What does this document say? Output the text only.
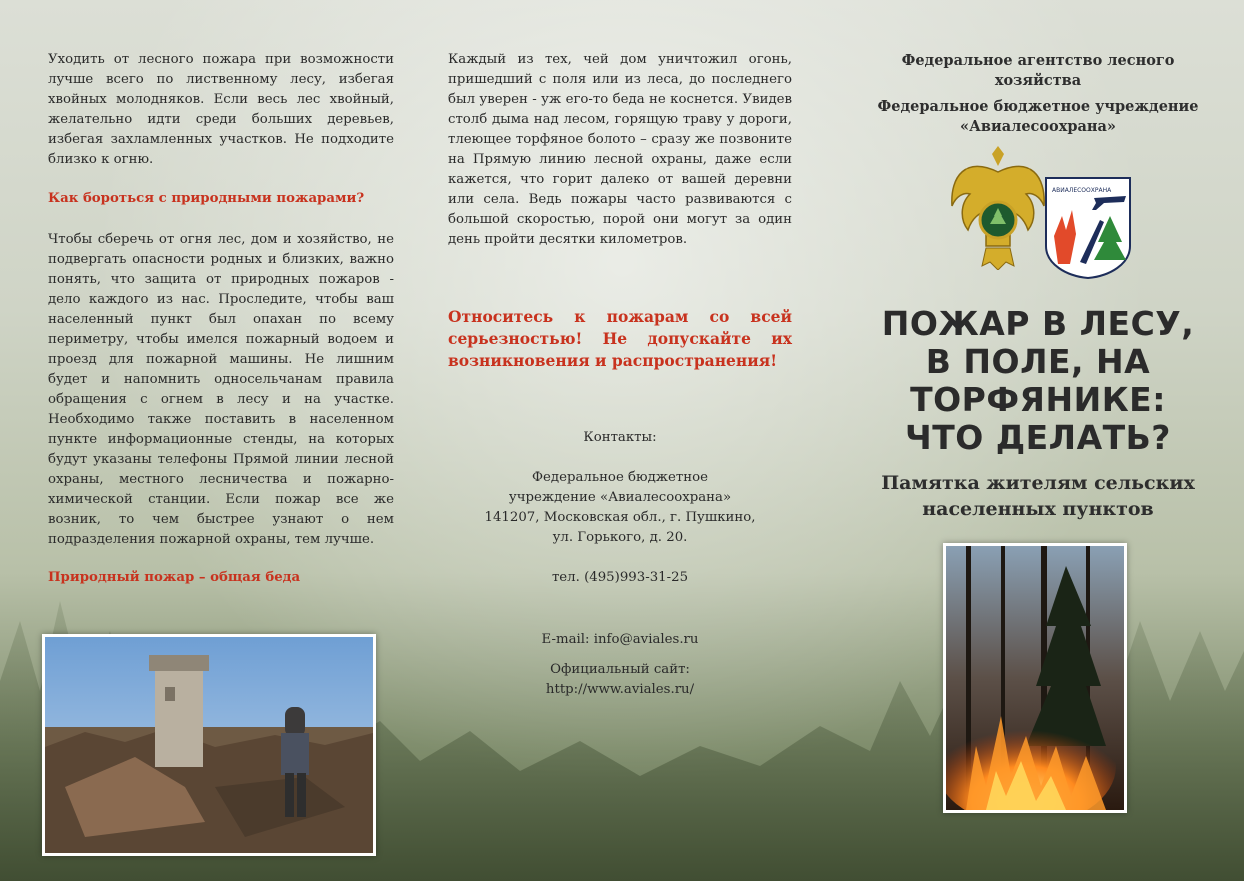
Уходить от лесного пожара при возможности лучше всего по лиственному лесу, избегая хвойных молодняков. Если весь лес хвойный, желательно идти среди больших деревьев, избегая захламленных участков. Не подходите близко к огню.

Как бороться с природными пожарами?

Чтобы сберечь от огня лес, дом и хозяйство, не подвергать опасности родных и близких, важно понять, что защита от природных пожаров - дело каждого из нас. Проследите, чтобы ваш населенный пункт был опахан по всему периметру, чтобы имелся пожарный водоем и проезд для пожарной машины. Не лишним будет и напомнить односельчанам правила обращения с огнем в лесу и на участке. Необходимо также поставить в населенном пункте информационные стенды, на которых будут указаны телефоны Прямой линии лесной охраны, местного лесничества и пожарно-химической станции. Если пожар все же возник, то чем быстрее узнают о нем подразделения пожарной охраны, тем лучше.

Природный пожар – общая беда

Каждый из тех, чей дом уничтожил огонь, пришедший с поля или из леса, до последнего был уверен - уж его-то беда не коснется. Увидев столб дыма над лесом, горящую траву у дороги, тлеющее торфяное болото – сразу же позвоните на Прямую линию лесной охраны, даже если кажется, что горит далеко от вашей деревни или села. Ведь пожары часто развиваются с большой скоростью, порой они могут за один день пройти десятки километров.

Относитесь к пожарам со всей серьезностью! Не допускайте их возникновения и распространения!

Контакты:
Федеральное бюджетное
учреждение «Авиалесоохрана»
141207, Московская обл., г. Пушкино,
ул. Горького, д. 20.
тел. (495)993-31-25
E-mail: info@aviales.ru
Официальный сайт:
http://www.aviales.ru/
Федеральное агентство лесного
хозяйства
Федеральное бюджетное учреждение
«Авиалесоохрана»
АВИАЛЕСООХРАНА
ПОЖАР В ЛЕСУ,
В ПОЛЕ, НА
ТОРФЯНИКЕ:
ЧТО ДЕЛАТЬ?
Памятка жителям сельских
населенных пунктов
